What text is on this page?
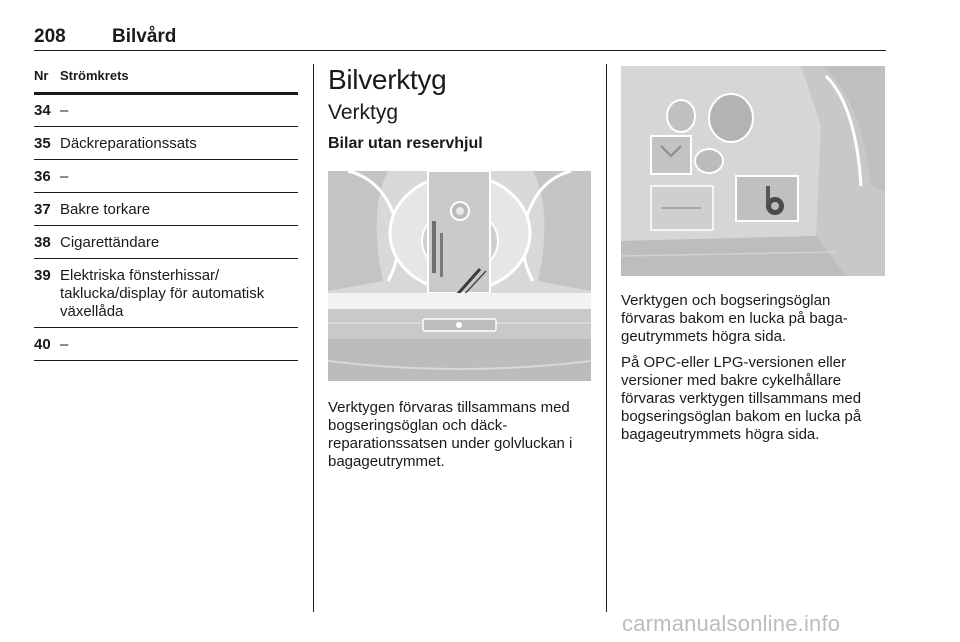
208 Bilvård
Nr Strömkrets
34 –
35 Däckreparationssats
36 –
37 Bakre torkare
38 Cigarettändare
39 Elektriska fönsterhissar/ taklucka/display för automatisk växellåda
40 –
Bilverktyg
Verktyg
Bilar utan reservhjul

Verktygen förvaras tillsammans med bogseringsöglan och däck-reparationssatsen under golvluckan i bagageutrymmet.

Verktygen och bogseringsöglan förvaras bakom en lucka på baga-geutrymmets högra sida.

På OPC-eller LPG-versionen eller versioner med bakre cykelhållare förvaras verktygen tillsammans med bogseringsöglan bakom en lucka på bagageutrymmets högra sida.

carmanualsonline.info
